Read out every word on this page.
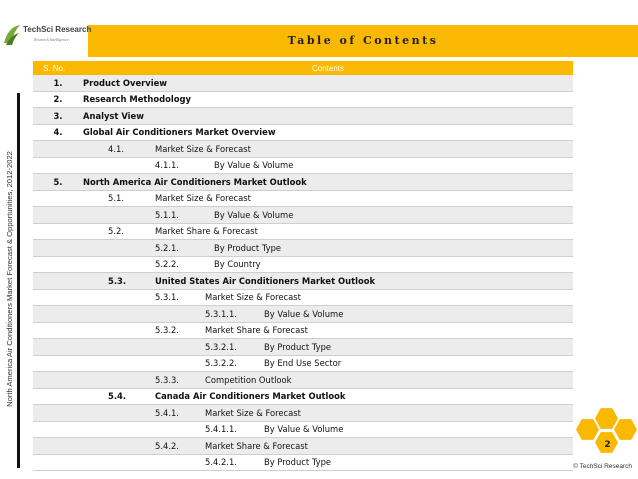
Table of Contents
TechSci Research
Research Intelligence
North America Air Conditioners Market Forecast & Opportunities, 2012-2022
S. No.	Contents
1.	Product Overview
2.	Research Methodology
3.	Analyst View
4.	Global Air Conditioners Market Overview
	4.1. Market Size & Forecast
	4.1.1. By Value & Volume
5.	North America Air Conditioners Market Outlook
	5.1. Market Size & Forecast
	5.1.1. By Value & Volume
	5.2. Market Share & Forecast
	5.2.1. By Product Type
	5.2.2. By Country
	5.3. United States Air Conditioners Market Outlook
	5.3.1. Market Size & Forecast
	5.3.1.1. By Value & Volume
	5.3.2. Market Share & Forecast
	5.3.2.1. By Product Type
	5.3.2.2. By End Use Sector
	5.3.3. Competition Outlook
	5.4. Canada Air Conditioners Market Outlook
	5.4.1. Market Size & Forecast
	5.4.1.1. By Value & Volume
	5.4.2. Market Share & Forecast
	5.4.2.1. By Product Type
2
© TechSci Research
